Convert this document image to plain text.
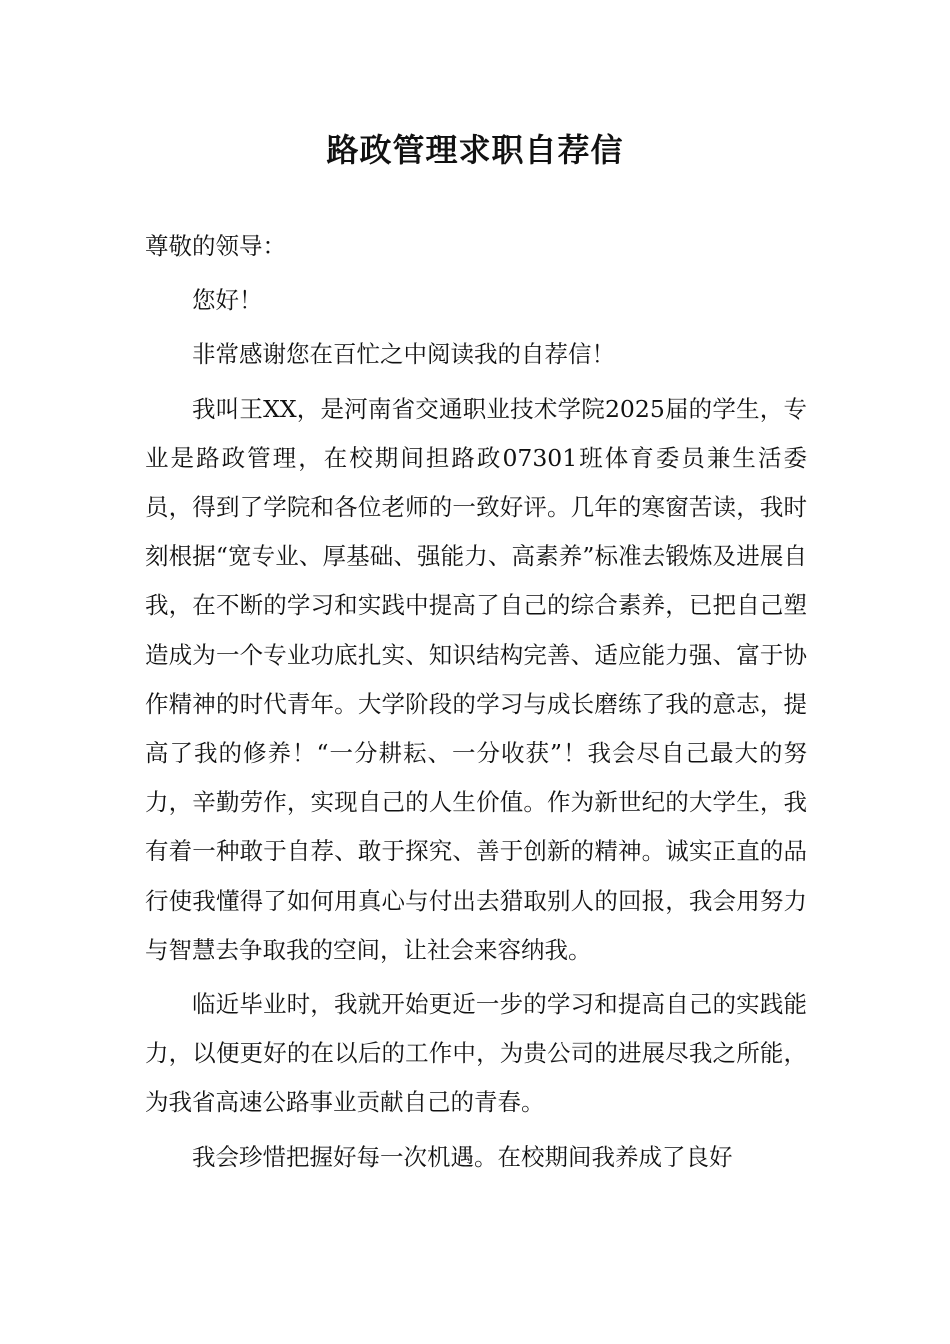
路政管理求职自荐信

尊敬的领导：

您好！

非常感谢您在百忙之中阅读我的自荐信！

我叫王XX，是河南省交通职业技术学院2025届的学生，专业是路政管理，在校期间担路政07301班体育委员兼生活委员，得到了学院和各位老师的一致好评。几年的寒窗苦读，我时刻根据“宽专业、厚基础、强能力、高素养”标准去锻炼及进展自我，在不断的学习和实践中提高了自己的综合素养，已把自己塑造成为一个专业功底扎实、知识结构完善、适应能力强、富于协作精神的时代青年。大学阶段的学习与成长磨练了我的意志，提高了我的修养！“一分耕耘、一分收获”！我会尽自己最大的努力，辛勤劳作，实现自己的人生价值。作为新世纪的大学生，我有着一种敢于自荐、敢于探究、善于创新的精神。诚实正直的品行使我懂得了如何用真心与付出去猎取别人的回报，我会用努力与智慧去争取我的空间，让社会来容纳我。

临近毕业时，我就开始更近一步的学习和提高自己的实践能力，以便更好的在以后的工作中，为贵公司的进展尽我之所能，为我省高速公路事业贡献自己的青春。

我会珍惜把握好每一次机遇。在校期间我养成了良好
